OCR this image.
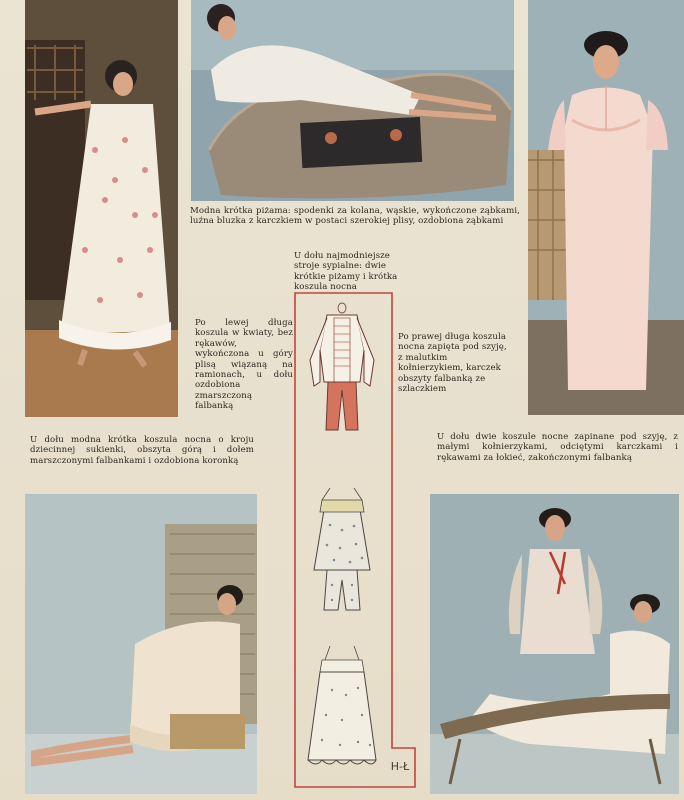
Modna krótka piżama: spodenki za kolana, wąskie, wykończone ząbkami, luźna bluzka z karczkiem w postaci szerokiej plisy, ozdobiona ząbkami
U dołu najmodniejsze stroje sypialne: dwie krótkie piżamy i krótka koszula nocna
Po lewej długa koszula w kwiaty, bez rękawów, wykończona u góry plisą wiązaną na ramionach, u dołu ozdobiona zmarszczoną falbanką
Po prawej długa koszula nocna zapięta pod szyję, z malutkim kołnierzykiem, karczek obszyty falbanką ze szlaczkiem
U dołu modna krótka koszula nocna o kroju dziecinnej sukienki, obszyta górą i dołem marszczonymi falbankami i ozdobiona koronką
U dołu dwie koszule nocne zapinane pod szyję, z małymi kołnierzykami, odciętymi karczkami i rękawami za łokieć, zakończonymi falbanką
H-Ł
